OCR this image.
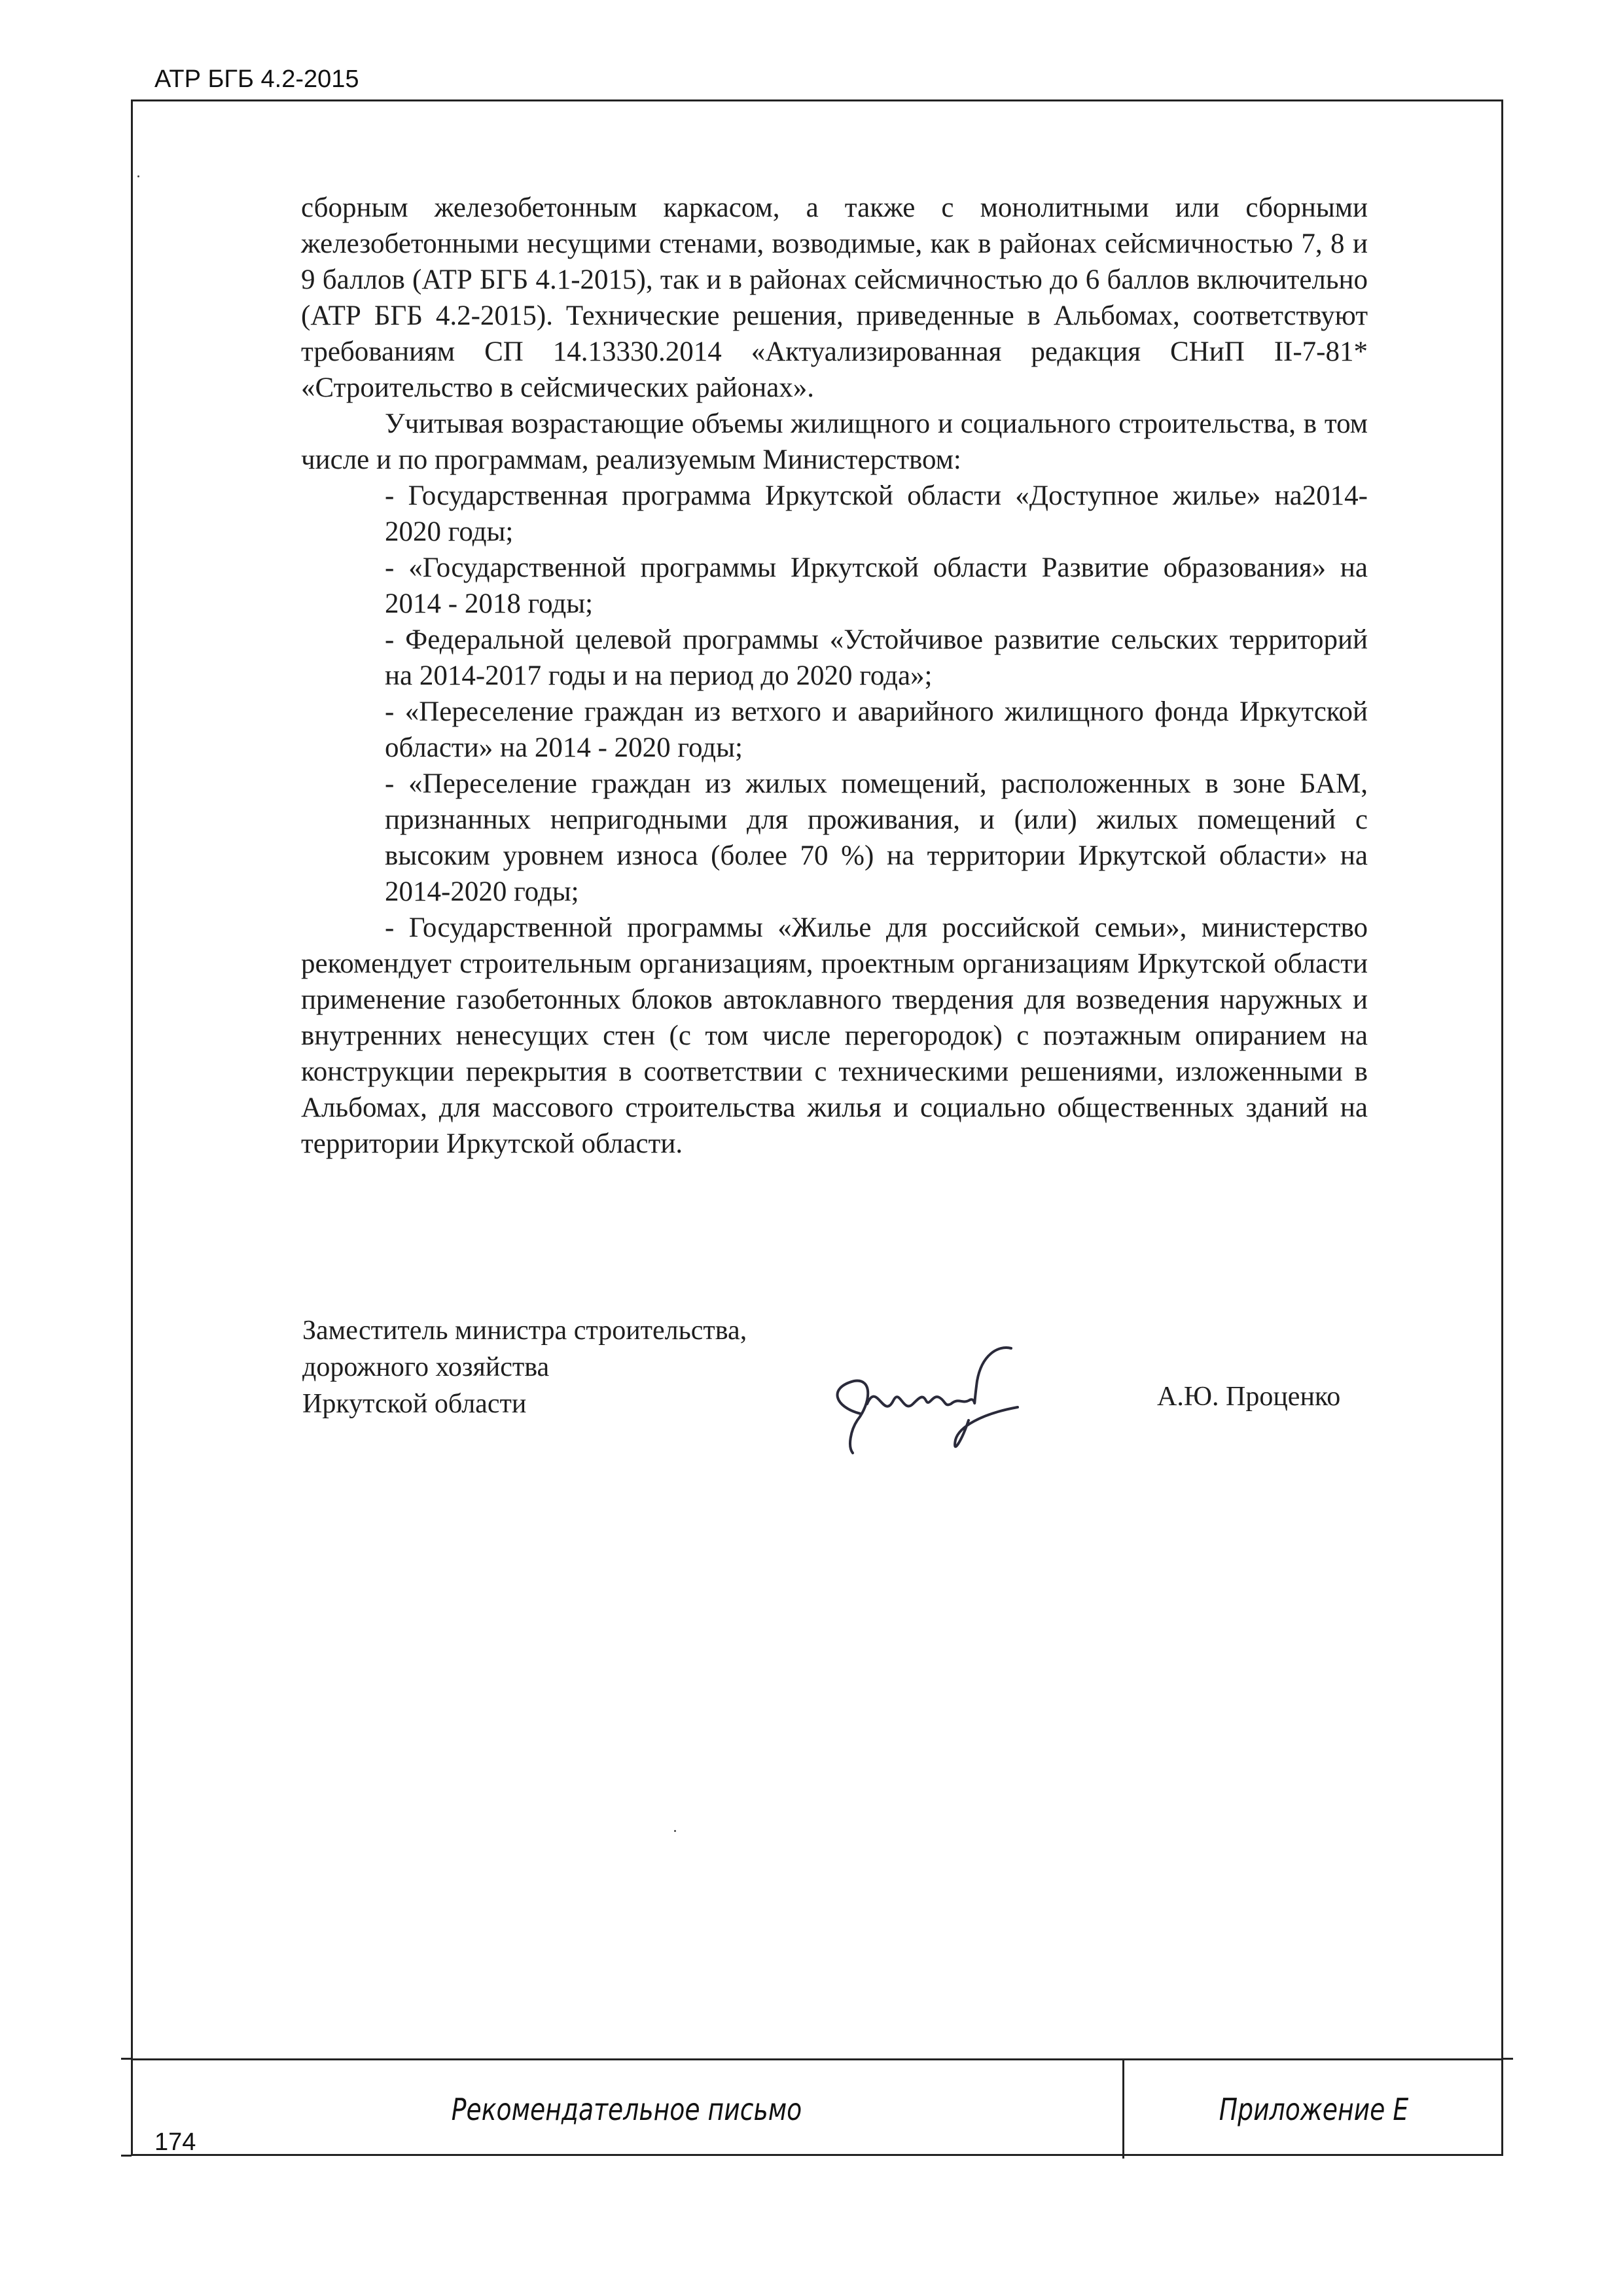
АТР БГБ 4.2-2015

сборным железобетонным каркасом, а также с монолитными или сборными железобетонными несущими стенами, возводимые, как в районах сейсмичностью 7, 8 и 9 баллов (АТР БГБ 4.1-2015), так и в районах сейсмичностью до 6 баллов включительно (АТР БГБ 4.2-2015). Технические решения, приведенные в Альбомах, соответствуют требованиям СП 14.13330.2014 «Актуализированная редакция СНиП II-7-81* «Строительство в сейсмических районах».

Учитывая возрастающие объемы жилищного и социального строительства, в том числе и по программам, реализуемым Министерством:

- Государственная программа Иркутской области «Доступное жилье» на2014-2020 годы;

- «Государственной программы Иркутской области Развитие образования» на 2014 - 2018 годы;

- Федеральной целевой программы «Устойчивое развитие сельских территорий на 2014-2017 годы и на период до 2020 года»;

- «Переселение граждан из ветхого и аварийного жилищного фонда Иркутской области» на 2014 - 2020 годы;

- «Переселение граждан из жилых помещений, расположенных в зоне БАМ, признанных непригодными для проживания, и (или) жилых помещений с высоким уровнем износа (более 70 %) на территории Иркутской области» на 2014-2020 годы;

- Государственной программы «Жилье для российской семьи», министерство рекомендует строительным организациям, проектным организациям Иркутской области применение газобетонных блоков автоклавного твердения для возведения наружных и внутренних ненесущих стен (с том числе перегородок) с поэтажным опиранием на конструкции перекрытия в соответствии с техническими решениями, изложенными в Альбомах, для массового строительства жилья и социально общественных зданий на территории Иркутской области.

Заместитель министра строительства,
дорожного хозяйства
Иркутской области	А.Ю. Проценко
Рекомендательное письмо	Приложение Е
174
